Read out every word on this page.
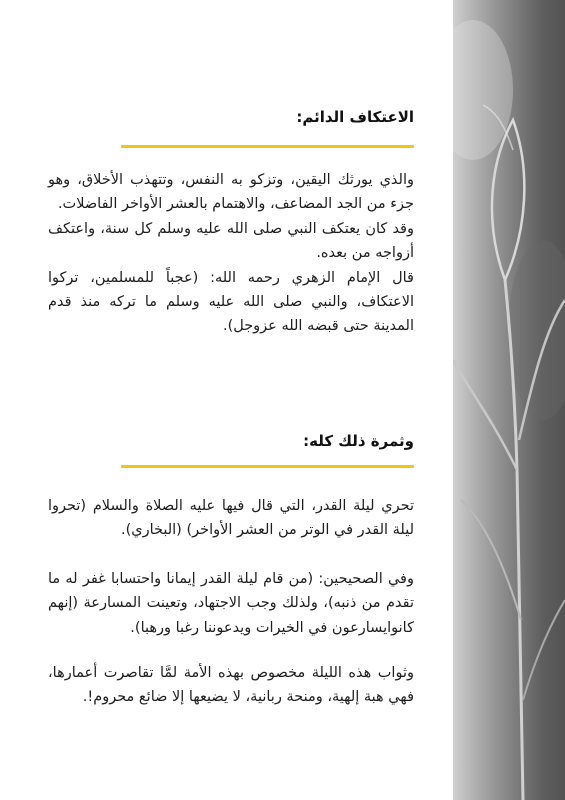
الاعتكاف الدائم:

والذي يورثك اليقين، وتزكو به النفس، وتتهذب الأخلاق، وهو جزء من الجد المضاعف، والاهتمام بالعشر الأواخر الفاضلات.
وقد كان يعتكف النبي صلى الله عليه وسلم كل سنة، واعتكف أزواجه من بعده.
قال الإمام الزهري رحمه الله: (عجباً للمسلمين، تركوا الاعتكاف، والنبي صلى الله عليه وسلم ما تركه منذ قدم المدينة حتى قبضه الله عزوجل).

وثمرة ذلك كله:

تحري ليلة القدر، التي قال فيها عليه الصلاة والسلام (تحروا ليلة القدر في الوتر من العشر الأواخر) (البخاري).

وفي الصحيحين: (من قام ليلة القدر إيمانا واحتسابا غفر له ما تقدم من ذنبه)، ولذلك وجب الاجتهاد، وتعينت المسارعة (إنهم كانوايسارعون في الخيرات ويدعوننا رغبا ورهبا).

وثواب هذه الليلة مخصوص بهذه الأمة لمَّا تقاصرت أعمارها، فهي هبة إلهية، ومنحة ربانية، لا يضيعها إلا ضائع محروم!.
